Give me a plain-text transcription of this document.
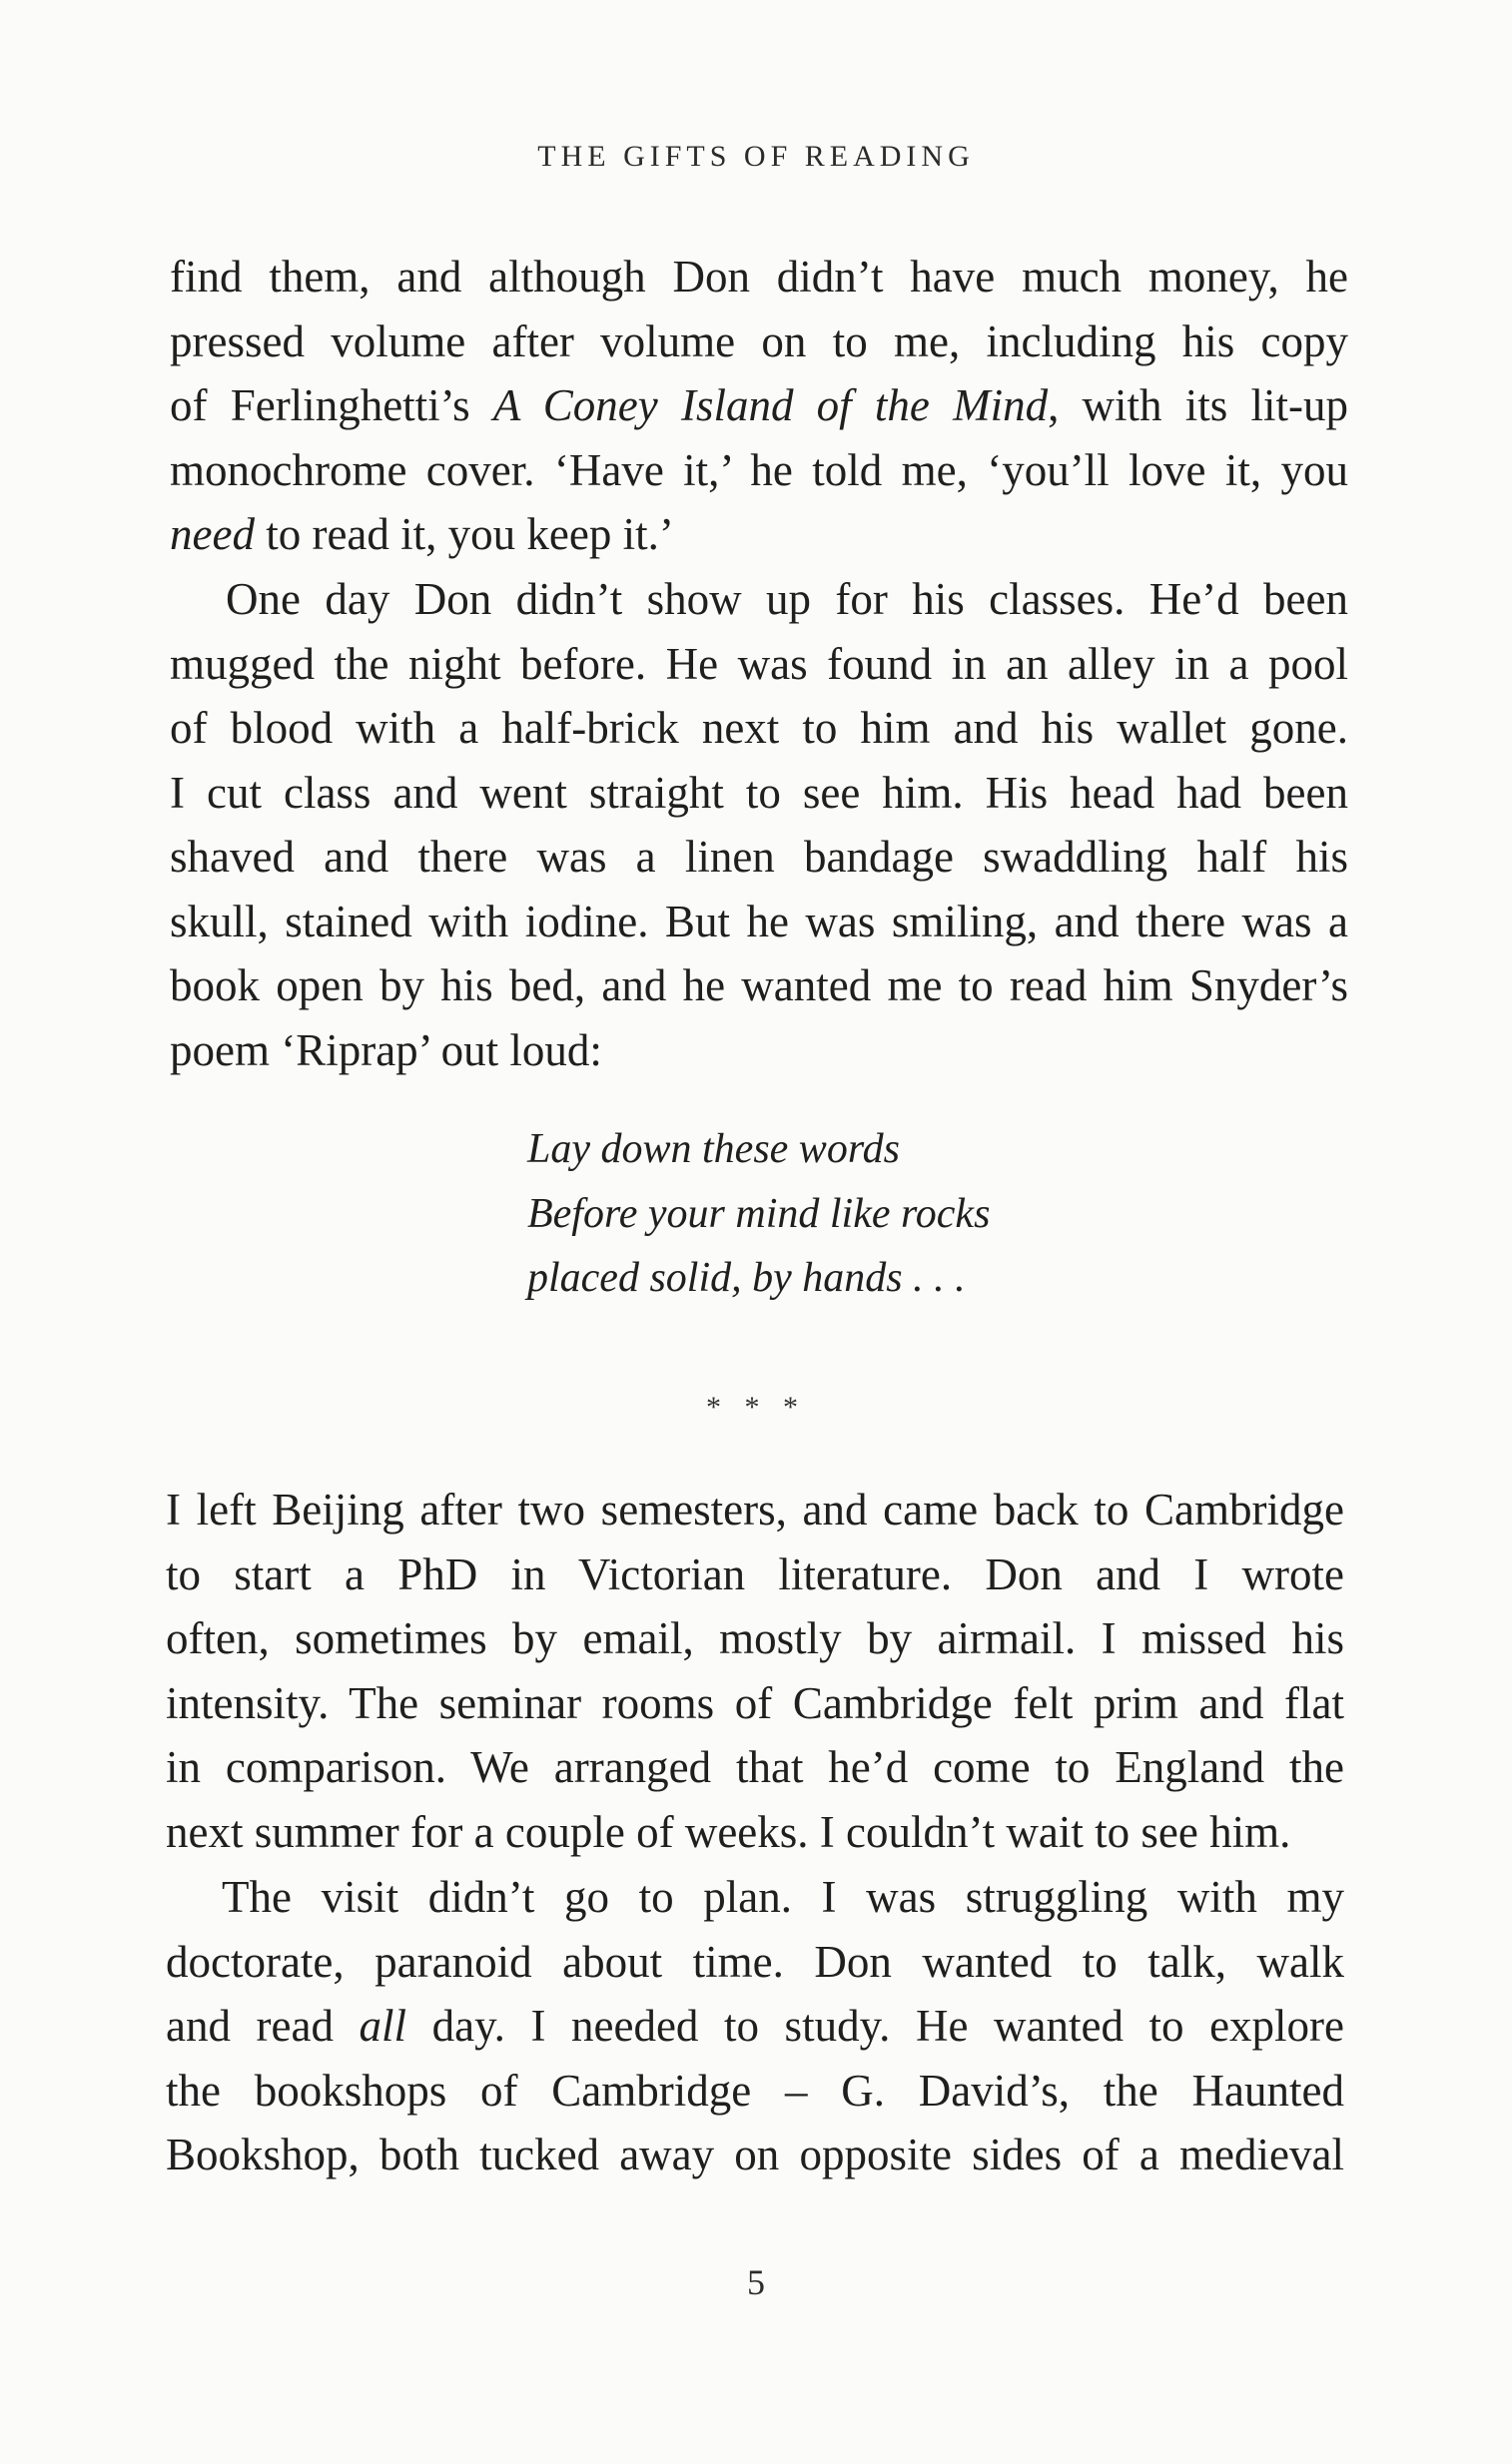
THE GIFTS OF READING
find them, and although Don didn’t have much money, he
pressed volume after volume on to me, including his copy
of Ferlinghetti’s A Coney Island of the Mind, with its lit-up
monochrome cover. ‘Have it,’ he told me, ‘you’ll love it, you
need to read it, you keep it.’
One day Don didn’t show up for his classes. He’d been
mugged the night before. He was found in an alley in a pool
of blood with a half-brick next to him and his wallet gone.
I cut class and went straight to see him. His head had been
shaved and there was a linen bandage swaddling half his
skull, stained with iodine. But he was smiling, and there was a
book open by his bed, and he wanted me to read him Snyder’s
poem ‘Riprap’ out loud:
Lay down these words
Before your mind like rocks
placed solid, by hands . . .
* * *
I left Beijing after two semesters, and came back to Cambridge
to start a PhD in Victorian literature. Don and I wrote
often, sometimes by email, mostly by airmail. I missed his
intensity. The seminar rooms of Cambridge felt prim and flat
in comparison. We arranged that he’d come to England the
next summer for a couple of weeks. I couldn’t wait to see him.
The visit didn’t go to plan. I was struggling with my
doctorate, paranoid about time. Don wanted to talk, walk
and read all day. I needed to study. He wanted to explore
the bookshops of Cambridge – G. David’s, the Haunted
Bookshop, both tucked away on opposite sides of a medieval
5
